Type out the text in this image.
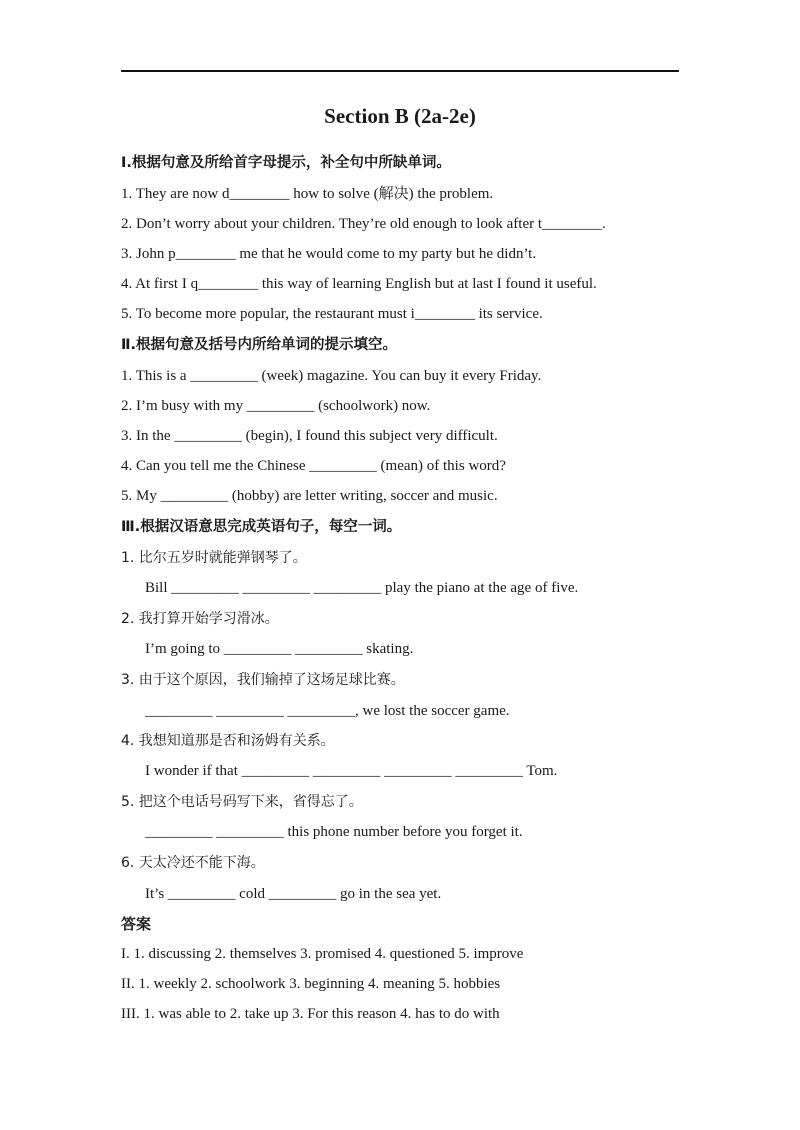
Section B (2a-2e)
Ⅰ.根据句意及所给首字母提示，补全句中所缺单词。
1. They are now d________ how to solve (解决) the problem.
2. Don’t worry about your children. They’re old enough to look after t________.
3. John p________ me that he would come to my party but he didn’t.
4. At first I q________ this way of learning English but at last I found it useful.
5. To become more popular, the restaurant must i________ its service.
Ⅱ.根据句意及括号内所给单词的提示填空。
1. This is a _________ (week) magazine. You can buy it every Friday.
2. I’m busy with my _________ (schoolwork) now.
3. In the _________ (begin), I found this subject very difficult.
4. Can you tell me the Chinese _________ (mean) of this word?
5. My _________ (hobby) are letter writing, soccer and music.
Ⅲ.根据汉语意思完成英语句子，每空一词。
1. 比尔五岁时就能弹钢琴了。
Bill _________ _________ _________ play the piano at the age of five.
2. 我打算开始学习滑冰。
I’m going to _________ _________ skating.
3. 由于这个原因，我们输掉了这场足球比赛。
_________ _________ _________, we lost the soccer game.
4. 我想知道那是否和汤姆有关系。
I wonder if that _________ _________ _________ _________ Tom.
5. 把这个电话号码写下来，省得忘了。
_________ _________ this phone number before you forget it.
6. 天太冷还不能下海。
It’s _________ cold _________ go in the sea yet.
答案
I. 1. discussing 2. themselves 3. promised 4. questioned 5. improve
II. 1. weekly 2. schoolwork 3. beginning 4. meaning 5. hobbies
III. 1. was able to 2. take up 3. For this reason 4. has to do with
